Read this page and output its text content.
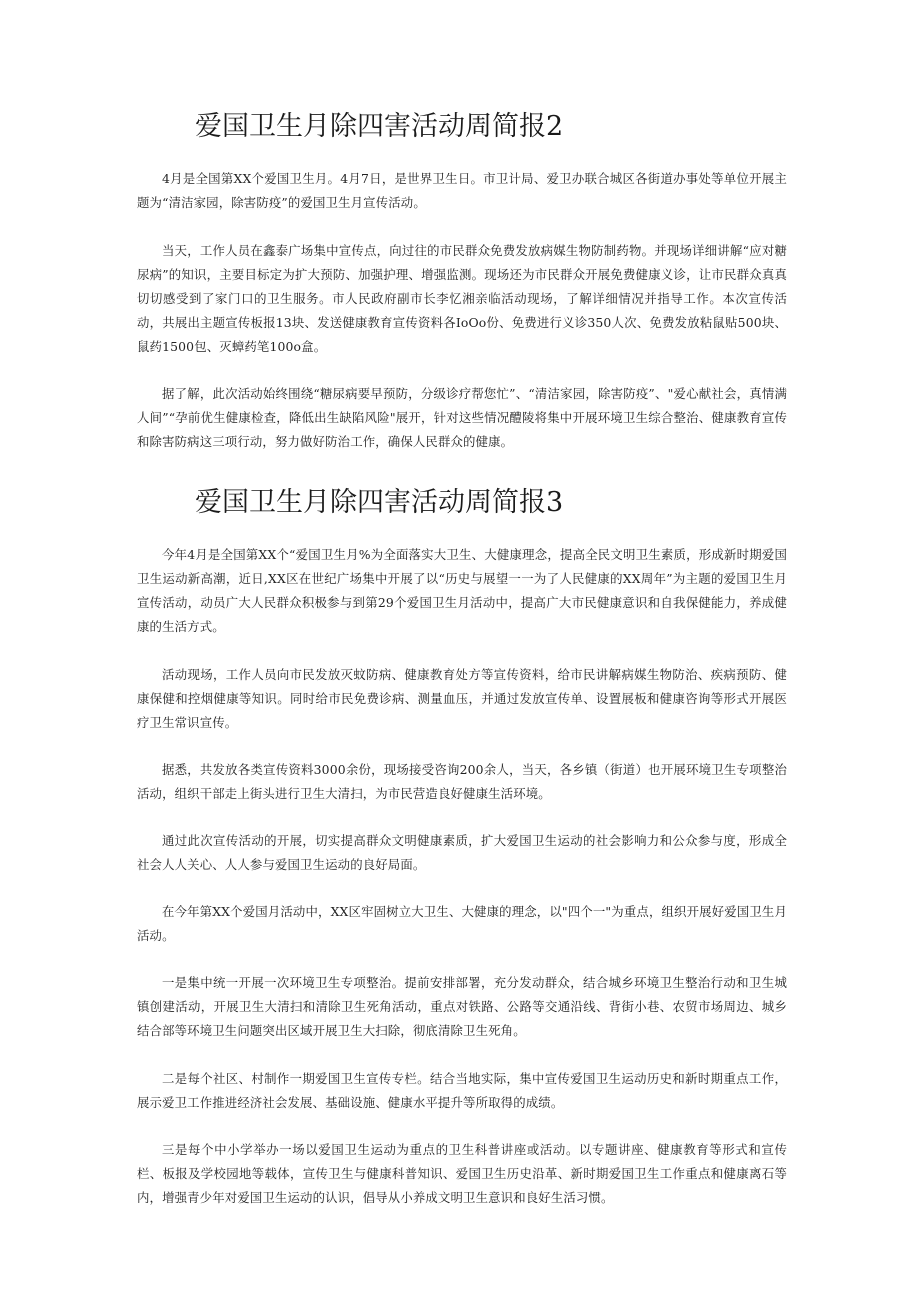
爱国卫生月除四害活动周简报2

4月是全国第XX个爱国卫生月。4月7日，是世界卫生日。市卫计局、爱卫办联合城区各街道办事处等单位开展主题为“清洁家园，除害防疫”的爱国卫生月宣传活动。

当天，工作人员在鑫泰广场集中宣传点，向过往的市民群众免费发放病媒生物防制药物。并现场详细讲解“应对糖尿病”的知识，主要目标定为扩大预防、加强护理、增强监测。现场还为市民群众开展免费健康义诊，让市民群众真真切切感受到了家门口的卫生服务。市人民政府副市长李忆湘亲临活动现场，了解详细情况并指导工作。本次宣传活动，共展出主题宣传板报13块、发送健康教育宣传资料各IoOo份、免费进行义诊350人次、免费发放粘鼠贴500块、鼠药1500包、灭蟑药笔100o盒。

据了解，此次活动始终围绕“糖尿病要早预防，分级诊疗帮您忙”、“清洁家园，除害防疫”、"爱心献社会，真情满人间”“孕前优生健康检查，降低出生缺陷风险"展开，针对这些情况醴陵将集中开展环境卫生综合整治、健康教育宣传和除害防病这三项行动，努力做好防治工作，确保人民群众的健康。

爱国卫生月除四害活动周简报3

今年4月是全国第XX个“爱国卫生月%为全面落实大卫生、大健康理念，提高全民文明卫生素质，形成新时期爱国卫生运动新高潮，近日,XX区在世纪广场集中开展了以“历史与展望一一为了人民健康的XX周年”为主题的爱国卫生月宣传活动，动员广大人民群众积极参与到第29个爱国卫生月活动中，提高广大市民健康意识和自我保健能力，养成健康的生活方式。

活动现场，工作人员向市民发放灭蚊防病、健康教育处方等宣传资料，给市民讲解病媒生物防治、疾病预防、健康保健和控烟健康等知识。同时给市民免费诊病、测量血压，并通过发放宣传单、设置展板和健康咨询等形式开展医疗卫生常识宣传。

据悉，共发放各类宣传资料3000余份，现场接受咨询200余人，当天，各乡镇（街道）也开展环境卫生专项整治活动，组织干部走上街头进行卫生大清扫，为市民营造良好健康生活环境。

通过此次宣传活动的开展，切实提高群众文明健康素质，扩大爱国卫生运动的社会影响力和公众参与度，形成全社会人人关心、人人参与爱国卫生运动的良好局面。

在今年第XX个爱国月活动中，XX区牢固树立大卫生、大健康的理念，以"四个一"为重点，组织开展好爱国卫生月活动。

一是集中统一开展一次环境卫生专项整治。提前安排部署，充分发动群众，结合城乡环境卫生整治行动和卫生城镇创建活动，开展卫生大清扫和清除卫生死角活动，重点对铁路、公路等交通沿线、背街小巷、农贸市场周边、城乡结合部等环境卫生问题突出区域开展卫生大扫除，彻底清除卫生死角。

二是每个社区、村制作一期爱国卫生宣传专栏。结合当地实际，集中宣传爱国卫生运动历史和新时期重点工作，展示爱卫工作推进经济社会发展、基础设施、健康水平提升等所取得的成绩。

三是每个中小学举办一场以爱国卫生运动为重点的卫生科普讲座或活动。以专题讲座、健康教育等形式和宣传栏、板报及学校园地等载体，宣传卫生与健康科普知识、爱国卫生历史沿革、新时期爱国卫生工作重点和健康离石等内，增强青少年对爱国卫生运动的认识，倡导从小养成文明卫生意识和良好生活习惯。
